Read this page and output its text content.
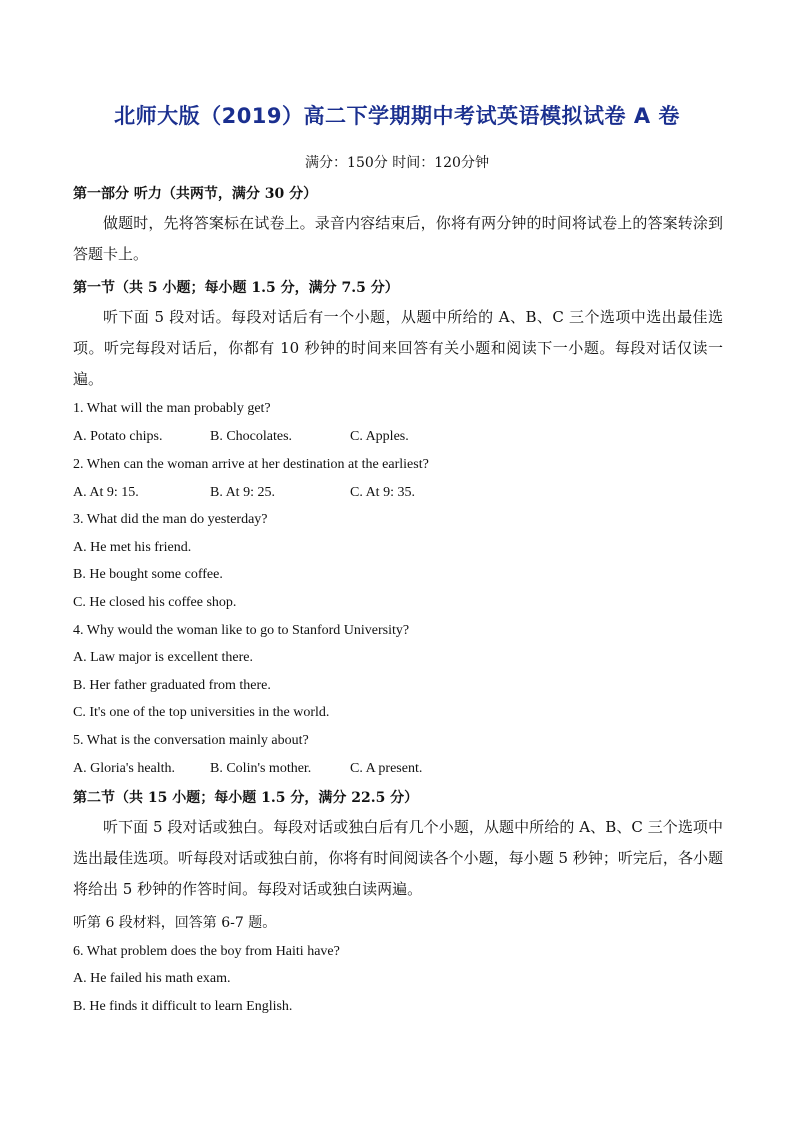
北师大版（2019）高二下学期期中考试英语模拟试卷 A 卷
满分：150分 时间：120分钟
第一部分 听力（共两节，满分 30 分）
做题时，先将答案标在试卷上。录音内容结束后，你将有两分钟的时间将试卷上的答案转涂到答题卡上。
第一节（共 5 小题；每小题 1.5 分，满分 7.5 分）
听下面 5 段对话。每段对话后有一个小题，从题中所给的 A、B、C 三个选项中选出最佳选项。听完每段对话后，你都有 10 秒钟的时间来回答有关小题和阅读下一小题。每段对话仅读一遍。
1. What will the man probably get?
A. Potato chips.	B. Chocolates.	C. Apples.
2. When can the woman arrive at her destination at the earliest?
A. At 9: 15.	B. At 9: 25.	C. At 9: 35.
3. What did the man do yesterday?
A. He met his friend.
B. He bought some coffee.
C. He closed his coffee shop.
4. Why would the woman like to go to Stanford University?
A. Law major is excellent there.
B. Her father graduated from there.
C. It's one of the top universities in the world.
5. What is the conversation mainly about?
A. Gloria's health. B. Colin's mother.	C. A present.
第二节（共 15 小题；每小题 1.5 分，满分 22.5 分）
听下面 5 段对话或独白。每段对话或独白后有几个小题，从题中所给的 A、B、C 三个选项中选出最佳选项。听每段对话或独白前，你将有时间阅读各个小题，每小题 5 秒钟；听完后，各小题将给出 5 秒钟的作答时间。每段对话或独白读两遍。
听第 6 段材料，回答第 6-7 题。
6. What problem does the boy from Haiti have?
A. He failed his math exam.
B. He finds it difficult to learn English.
